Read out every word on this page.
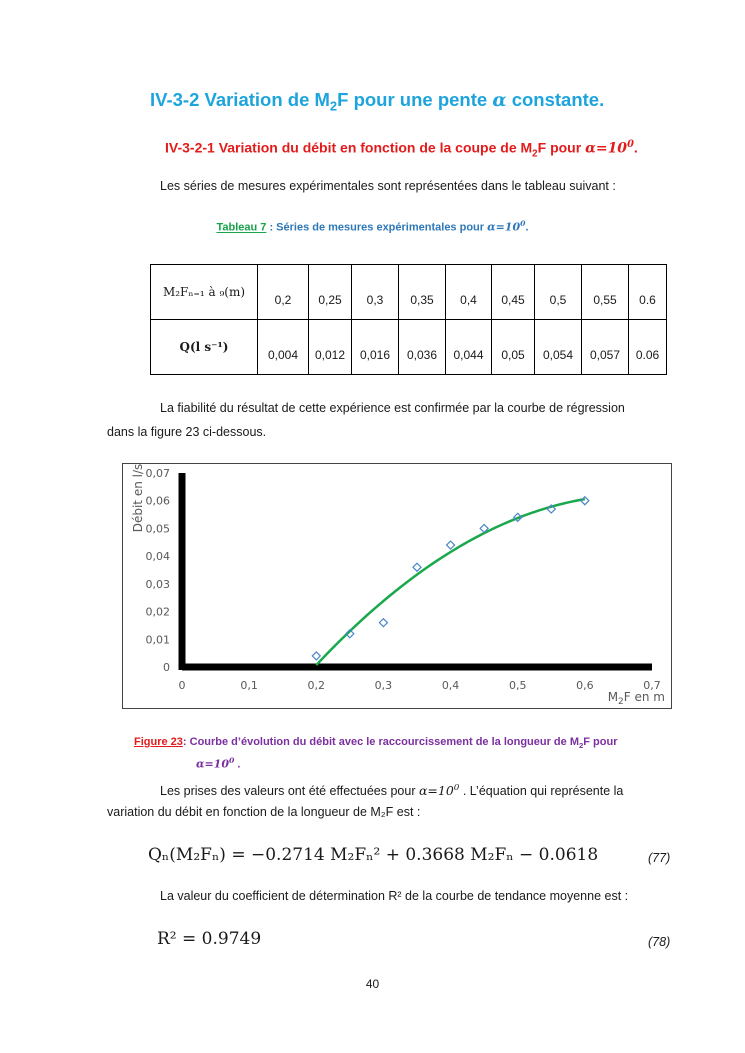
IV-3-2 Variation de $M_2F$ pour une pente α constante.
IV-3-2-1 Variation du débit en fonction de la coupe de $M_2F$ pour $\alpha=10^0$.
Les séries de mesures expérimentales sont représentées dans le tableau suivant :
Tableau 7 : Séries de mesures expérimentales pour $\alpha=10^0$.
M₂Fₙ₌₁ à ₉(m)	0,2	0,25	0,3	0,35	0,4	0,45	0,5	0,55	0.6
Q(l s⁻¹)	0,004	0,012	0,016	0,036	0,044	0,05	0,054	0,057	0.06
La fiabilité du résultat de cette expérience est confirmée par la courbe de régression
dans la figure 23 ci-dessous.
0
0,01
0,02
0,03
0,04
0,05
0,06
0,07
0	0,1	0,2	0,3	0,4	0,5	0,6	0,7
Débit en l/s
$M_2F$ en m
Figure 23: Courbe d’évolution du débit avec le raccourcissement de la longueur de $M_2F$ pour
$\alpha=10^0$ .
Les prises des valeurs ont été effectuées pour $\alpha=10^0$ . L’équation qui représente la
variation du débit en fonction de la longueur de M₂F est :
Qₙ(M₂Fₙ) = −0.2714 M₂Fₙ² + 0.3668 M₂Fₙ − 0.0618	(77)
La valeur du coefficient de détermination R² de la courbe de tendance moyenne est :
R² = 0.9749	(78)
40
